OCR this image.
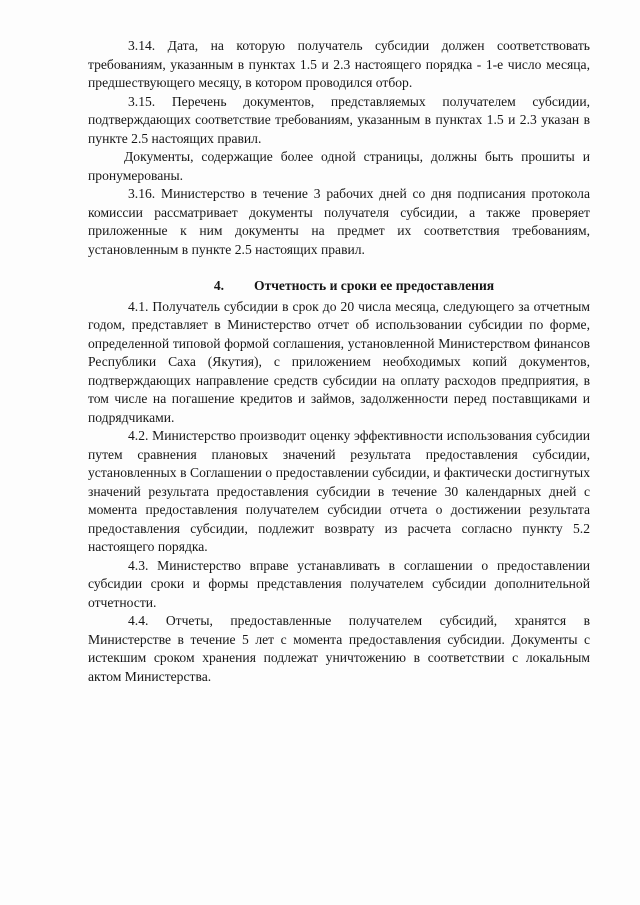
3.14. Дата, на которую получатель субсидии должен соответствовать требованиям, указанным в пунктах 1.5 и 2.3 настоящего порядка - 1-е число месяца, предшествующего месяцу, в котором проводился отбор.

3.15. Перечень документов, представляемых получателем субсидии, подтверждающих соответствие требованиям, указанным в пунктах 1.5 и 2.3 указан в пункте 2.5 настоящих правил.

Документы, содержащие более одной страницы, должны быть прошиты и пронумерованы.

3.16. Министерство в течение 3 рабочих дней со дня подписания протокола комиссии рассматривает документы получателя субсидии, а также проверяет приложенные к ним документы на предмет их соответствия требованиям, установленным в пункте 2.5 настоящих правил.

4. Отчетность и сроки ее предоставления

4.1. Получатель субсидии в срок до 20 числа месяца, следующего за отчетным годом, представляет в Министерство отчет об использовании субсидии по форме, определенной типовой формой соглашения, установленной Министерством финансов Республики Саха (Якутия), с приложением необходимых копий документов, подтверждающих направление средств субсидии на оплату расходов предприятия, в том числе на погашение кредитов и займов, задолженности перед поставщиками и подрядчиками.

4.2. Министерство производит оценку эффективности использования субсидии путем сравнения плановых значений результата предоставления субсидии, установленных в Соглашении о предоставлении субсидии, и фактически достигнутых значений результата предоставления субсидии в течение 30 календарных дней с момента предоставления получателем субсидии отчета о достижении результата предоставления субсидии, подлежит возврату из расчета согласно пункту 5.2 настоящего порядка.

4.3. Министерство вправе устанавливать в соглашении о предоставлении субсидии сроки и формы представления получателем субсидии дополнительной отчетности.

4.4. Отчеты, предоставленные получателем субсидий, хранятся в Министерстве в течение 5 лет с момента предоставления субсидии. Документы с истекшим сроком хранения подлежат уничтожению в соответствии с локальным актом Министерства.
